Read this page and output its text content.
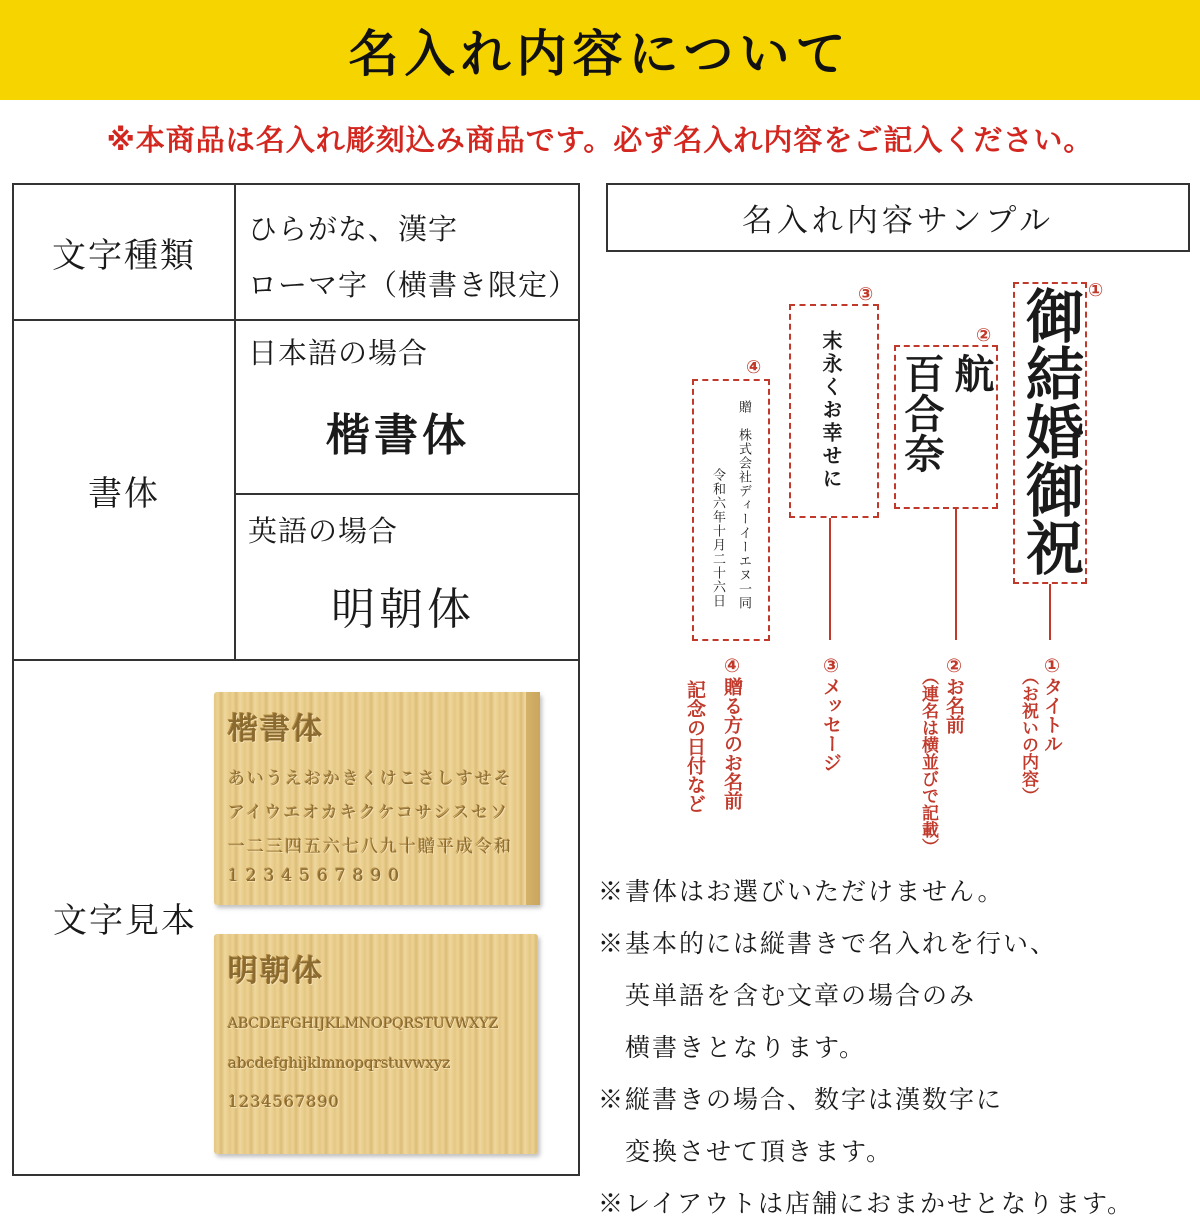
名入れ内容について
※本商品は名入れ彫刻込み商品です。必ず名入れ内容をご記入ください。
文字種類
ひらがな、漢字
ローマ字（横書き限定）
書体
日本語の場合
楷書体
英語の場合
明朝体
文字見本
楷書体
あいうえおかきくけこさしすせそ
アイウエオカキクケコサシスセソ
一二三四五六七八九十贈平成令和
1234567890
明朝体
ABCDEFGHIJKLMNOPQRSTUVWXYZ
abcdefghijklmnopqrstuvwxyz
1234567890
名入れ内容サンプル
御結婚御祝 ①
航
百合奈
②
末永くお幸せに
③
贈　株式会社ディーイーエヌ一同
令和六年十月二十六日
④
①タイトル
（お祝いの内容）
②お名前
（連名は横並びで記載）
③メッセージ
④贈る方のお名前
記念の日付など
※書体はお選びいただけません。
※基本的には縦書きで名入れを行い、
　英単語を含む文章の場合のみ
　横書きとなります。
※縦書きの場合、数字は漢数字に
　変換させて頂きます。
※レイアウトは店舗におまかせとなります。
